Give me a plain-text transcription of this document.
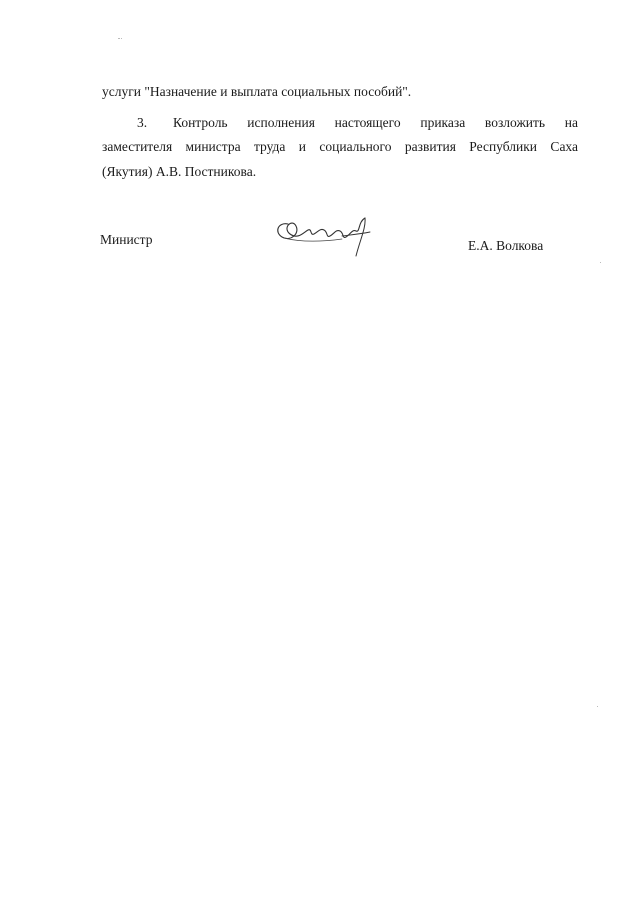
услуги "Назначение и выплата социальных пособий".
3. Контроль исполнения настоящего приказа возложить на
заместителя министра труда и социального развития Республики Саха
(Якутия) А.В. Постникова.
Министр	Е.А. Волкова
